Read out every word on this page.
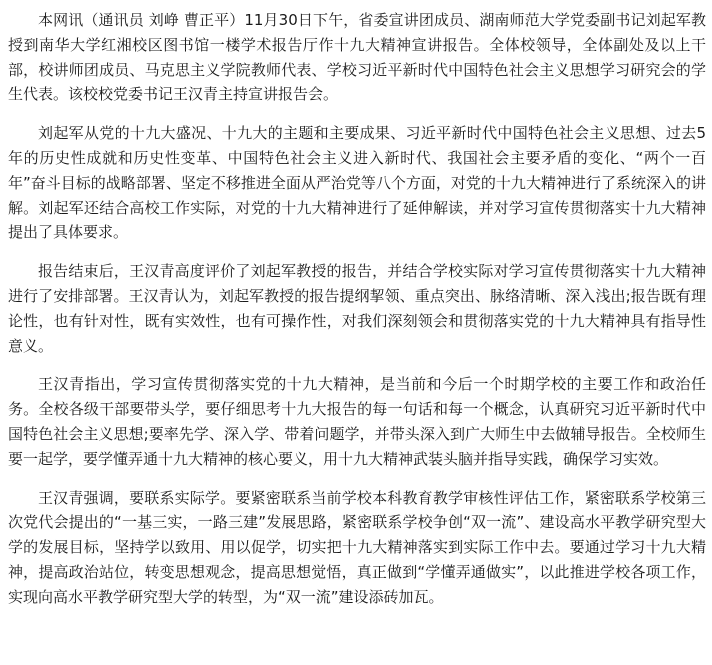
本网讯（通讯员 刘峥 曹正平）11月30日下午，省委宣讲团成员、湖南师范大学党委副书记刘起军教授到南华大学红湘校区图书馆一楼学术报告厅作十九大精神宣讲报告。全体校领导，全体副处及以上干部，校讲师团成员、马克思主义学院教师代表、学校习近平新时代中国特色社会主义思想学习研究会的学生代表。该校校党委书记王汉青主持宣讲报告会。

刘起军从党的十九大盛况、十九大的主题和主要成果、习近平新时代中国特色社会主义思想、过去5年的历史性成就和历史性变革、中国特色社会主义进入新时代、我国社会主要矛盾的变化、“两个一百年”奋斗目标的战略部署、坚定不移推进全面从严治党等八个方面，对党的十九大精神进行了系统深入的讲解。刘起军还结合高校工作实际，对党的十九大精神进行了延伸解读，并对学习宣传贯彻落实十九大精神提出了具体要求。

报告结束后，王汉青高度评价了刘起军教授的报告，并结合学校实际对学习宣传贯彻落实十九大精神进行了安排部署。王汉青认为，刘起军教授的报告提纲挈领、重点突出、脉络清晰、深入浅出;报告既有理论性，也有针对性，既有实效性，也有可操作性，对我们深刻领会和贯彻落实党的十九大精神具有指导性意义。

王汉青指出，学习宣传贯彻落实党的十九大精神，是当前和今后一个时期学校的主要工作和政治任务。全校各级干部要带头学，要仔细思考十九大报告的每一句话和每一个概念，认真研究习近平新时代中国特色社会主义思想;要率先学、深入学、带着问题学，并带头深入到广大师生中去做辅导报告。全校师生要一起学，要学懂弄通十九大精神的核心要义，用十九大精神武装头脑并指导实践，确保学习实效。

王汉青强调，要联系实际学。要紧密联系当前学校本科教育教学审核性评估工作，紧密联系学校第三次党代会提出的“一基三实，一路三建”发展思路，紧密联系学校争创“双一流”、建设高水平教学研究型大学的发展目标，坚持学以致用、用以促学，切实把十九大精神落实到实际工作中去。要通过学习十九大精神，提高政治站位，转变思想观念，提高思想觉悟，真正做到“学懂弄通做实”，以此推进学校各项工作，实现向高水平教学研究型大学的转型，为“双一流”建设添砖加瓦。
